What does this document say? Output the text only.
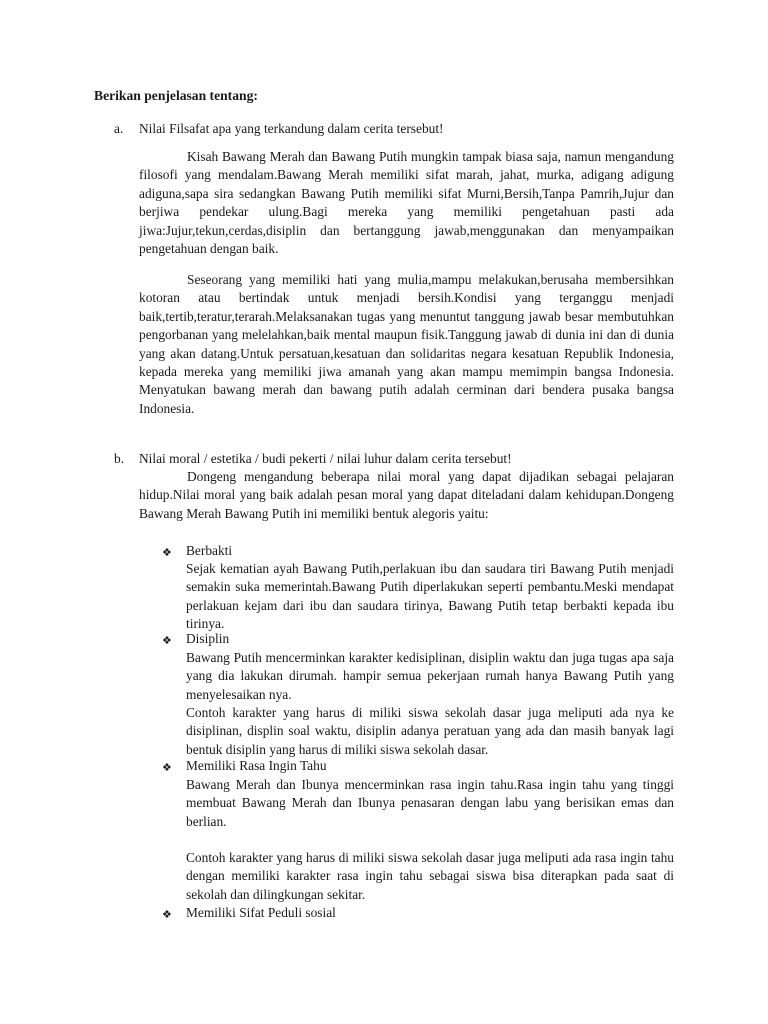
Berikan penjelasan tentang:
a. Nilai Filsafat apa yang terkandung dalam cerita tersebut!
Kisah Bawang Merah dan Bawang Putih mungkin tampak biasa saja, namun mengandung filosofi yang mendalam.Bawang Merah memiliki sifat marah, jahat, murka, adigang adigung adiguna,sapa sira sedangkan Bawang Putih memiliki sifat Murni,Bersih,Tanpa Pamrih,Jujur dan berjiwa pendekar ulung.Bagi mereka yang memiliki pengetahuan pasti ada jiwa:Jujur,tekun,cerdas,disiplin dan bertanggung jawab,menggunakan dan menyampaikan pengetahuan dengan baik.
Seseorang yang memiliki hati yang mulia,mampu melakukan,berusaha membersihkan kotoran atau bertindak untuk menjadi bersih.Kondisi yang terganggu menjadi baik,tertib,teratur,terarah.Melaksanakan tugas yang menuntut tanggung jawab besar membutuhkan pengorbanan yang melelahkan,baik mental maupun fisik.Tanggung jawab di dunia ini dan di dunia yang akan datang.Untuk persatuan,kesatuan dan solidaritas negara kesatuan Republik Indonesia, kepada mereka yang memiliki jiwa amanah yang akan mampu memimpin bangsa Indonesia. Menyatukan bawang merah dan bawang putih adalah cerminan dari bendera pusaka bangsa Indonesia.
b. Nilai moral / estetika / budi pekerti / nilai luhur dalam cerita tersebut!
Dongeng mengandung beberapa nilai moral yang dapat dijadikan sebagai pelajaran hidup.Nilai moral yang baik adalah pesan moral yang dapat diteladani dalam kehidupan.Dongeng Bawang Merah Bawang Putih ini memiliki bentuk alegoris yaitu:
❖ Berbakti
Sejak kematian ayah Bawang Putih,perlakuan ibu dan saudara tiri Bawang Putih menjadi semakin suka memerintah.Bawang Putih diperlakukan seperti pembantu.Meski mendapat perlakuan kejam dari ibu dan saudara tirinya, Bawang Putih tetap berbakti kepada ibu tirinya.
❖ Disiplin
Bawang Putih mencerminkan karakter kedisiplinan, disiplin waktu dan juga tugas apa saja yang dia lakukan dirumah. hampir semua pekerjaan rumah hanya Bawang Putih yang menyelesaikan nya.
Contoh karakter yang harus di miliki siswa sekolah dasar juga meliputi ada nya ke disiplinan, displin soal waktu, disiplin adanya peratuan yang ada dan masih banyak lagi bentuk disiplin yang harus di miliki siswa sekolah dasar.
❖ Memiliki Rasa Ingin Tahu
Bawang Merah dan Ibunya mencerminkan rasa ingin tahu.Rasa ingin tahu yang tinggi membuat Bawang Merah dan Ibunya penasaran dengan labu yang berisikan emas dan berlian.
Contoh karakter yang harus di miliki siswa sekolah dasar juga meliputi ada rasa ingin tahu dengan memiliki karakter rasa ingin tahu sebagai siswa bisa diterapkan pada saat di sekolah dan dilingkungan sekitar.
❖ Memiliki Sifat Peduli sosial
